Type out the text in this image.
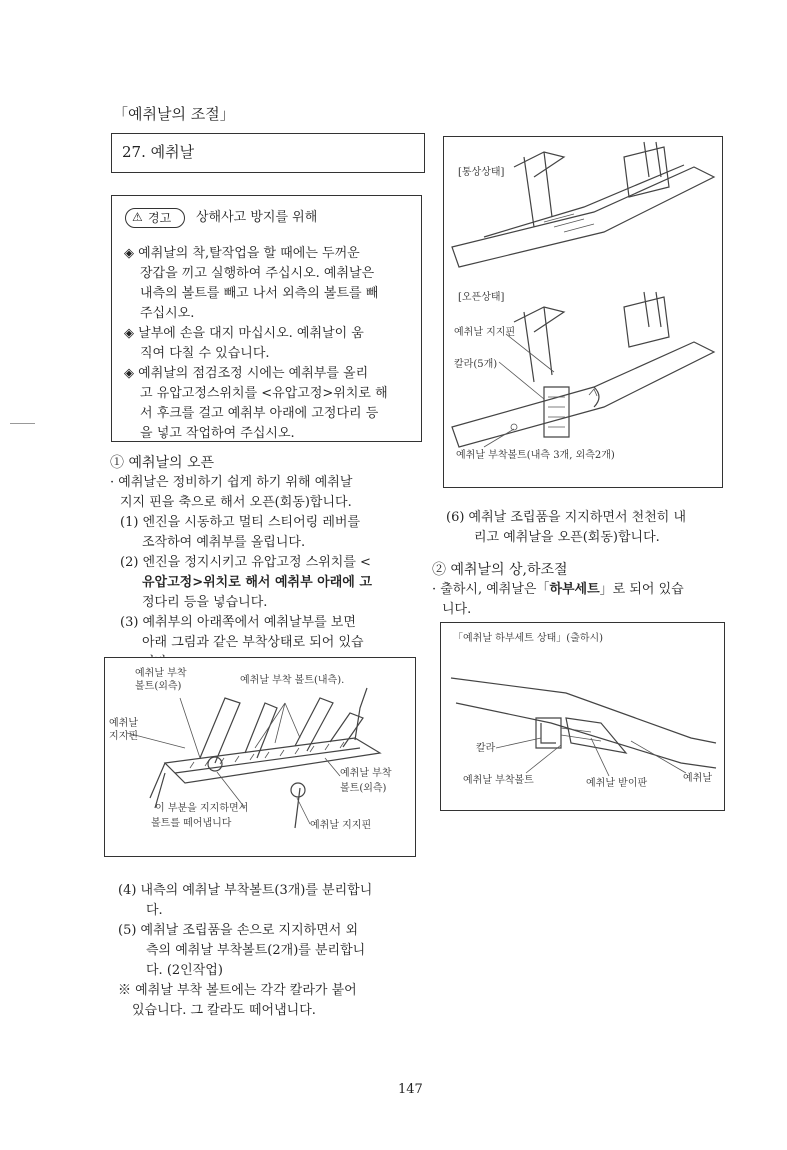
「예취날의 조절」
27. 예취날
⚠ 경고 상해사고 방지를 위해
◈ 예취날의 착,탈작업을 할 때에는 두꺼운
장갑을 끼고 실행하여 주십시오. 예취날은
내측의 볼트를 빼고 나서 외측의 볼트를 빼
주십시오.
◈ 날부에 손을 대지 마십시오. 예취날이 움
직여 다칠 수 있습니다.
◈ 예취날의 점검조정 시에는 예취부를 올리
고 유압고정스위치를 <유압고정>위치로 해
서 후크를 걸고 예취부 아래에 고정다리 등
을 넣고 작업하여 주십시오.
① 예취날의 오픈
· 예취날은 정비하기 쉽게 하기 위해 예취날
지지 핀을 축으로 해서 오픈(회동)합니다.
(1) 엔진을 시동하고 멀티 스티어링 레버를
조작하여 예취부를 올립니다.
(2) 엔진을 정지시키고 유압고정 스위치를 <
유압고정>위치로 해서 예취부 아래에 고
정다리 등을 넣습니다.
(3) 예취부의 아래쪽에서 예취날부를 보면
아래 그림과 같은 부착상태로 되어 있습
예취날 부착
볼트(외측)
예취날 부착 볼트(내측).
예취날
지지핀
예취날 부착
볼트(외측)
이 부분을 지지하면서
볼트를 떼어냅니다	예취날 지지핀
(4) 내측의 예취날 부착볼트(3개)를 분리합니
다.
(5) 예취날 조립품을 손으로 지지하면서 외
측의 예취날 부착볼트(2개)를 분리합니
다. (2인작업)
※ 예취날 부착 볼트에는 각각 칼라가 붙어
있습니다. 그 칼라도 떼어냅니다.
[통상상태]
[오픈상태]
예취날 지지핀
칼라(5개)
예취날 부착볼트(내측 3개, 외측2개)
(6) 예취날 조립품을 지지하면서 천천히 내
리고 예취날을 오픈(회동)합니다.
② 예취날의 상,하조절
· 출하시, 예취날은「하부세트」로 되어 있습
니다.
「예취날 하부세트 상태」(출하시)
칼라
예취날 부착볼트	예취날 받이판	예취날
147
